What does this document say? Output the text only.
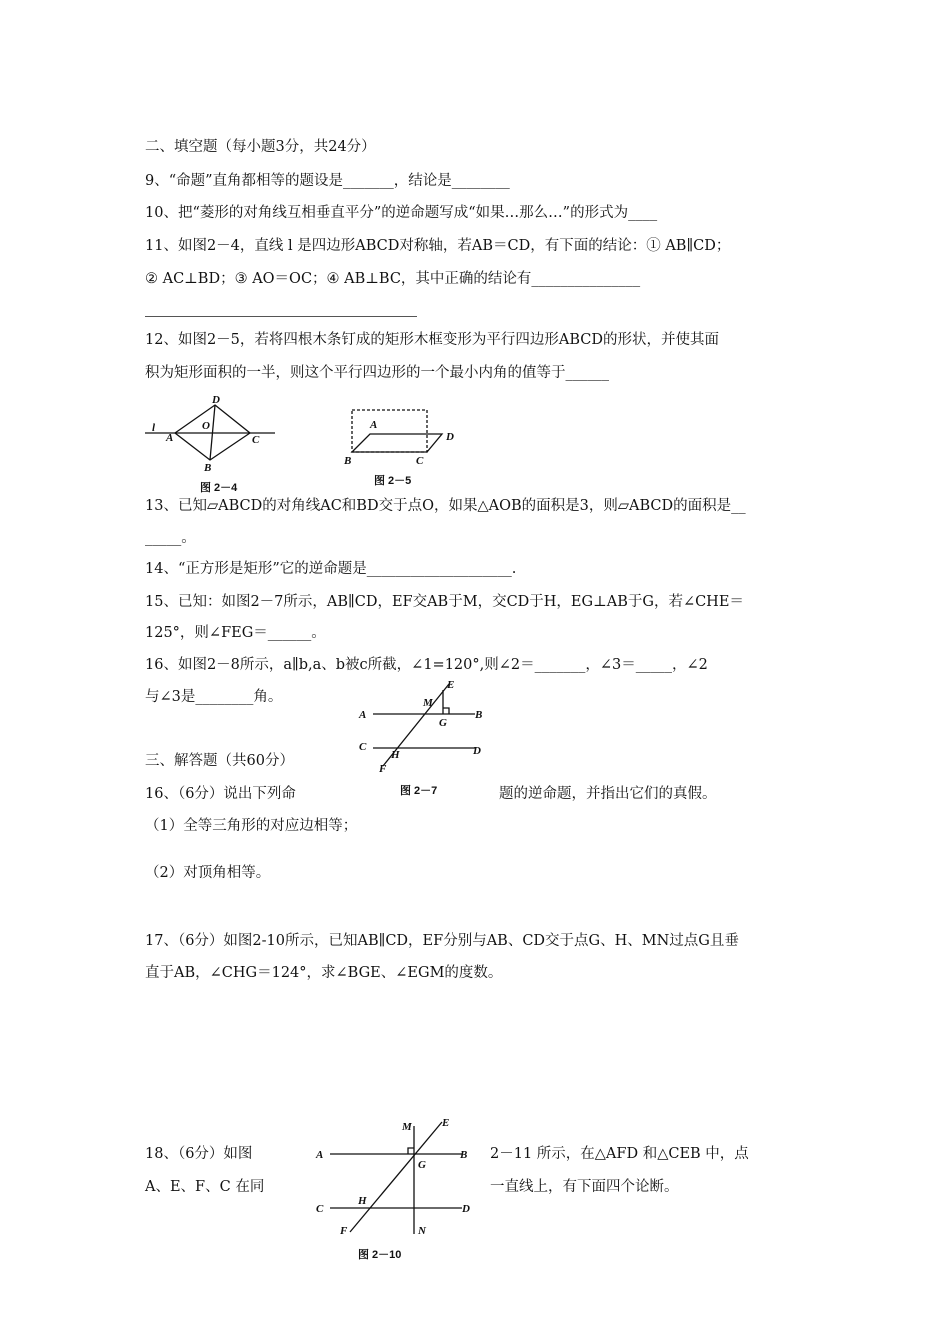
二、填空题（每小题3分，共24分）
9、“命题”直角都相等的题设是_______，结论是________
10、把“菱形的对角线互相垂直平分”的逆命题写成“如果…那么…”的形式为____
11、如图2－4，直线 l 是四边形ABCD对称轴，若AB＝CD，有下面的结论：① AB∥CD；
② AC⊥BD；③ AO＝OC；④ AB⊥BC，其中正确的结论有_______________
12、如图2－5，若将四根木条钉成的矩形木框变形为平行四边形ABCD的形状，并使其面
积为矩形面积的一半，则这个平行四边形的一个最小内角的值等于______
l
A
D
O
C
B
图 2－4
A
D
B	C
图 2－5
13、已知▱ABCD的对角线AC和BD交于点O，如果△AOB的面积是3，则▱ABCD的面积是__
_____。
14、“正方形是矩形”它的逆命题是____________________.
15、已知：如图2－7所示，AB∥CD，EF交AB于M，交CD于H，EG⊥AB于G，若∠CHE＝
125°，则∠FEG＝______。
16、如图2－8所示，a∥b,a、b被c所截，∠1=120°,则∠2＝_______，∠3＝_____，∠2
与∠3是________角。
A	B
C	D
E
M
G
H
F
图 2－7
三、解答题（共60分）
16、（6分）说出下列命	题的逆命题，并指出它们的真假。
（1）全等三角形的对应边相等；
（2）对顶角相等。
17、（6分）如图2-10所示，已知AB∥CD，EF分别与AB、CD交于点G、H、MN过点G且垂
直于AB，∠CHG＝124°，求∠BGE、∠EGM的度数。
A	B
C	D
E
M
G
H
F	N
图 2－10
18、（6分）如图
A、E、F、C 在同
2－11 所示，在△AFD 和△CEB 中，点
一直线上，有下面四个论断。
